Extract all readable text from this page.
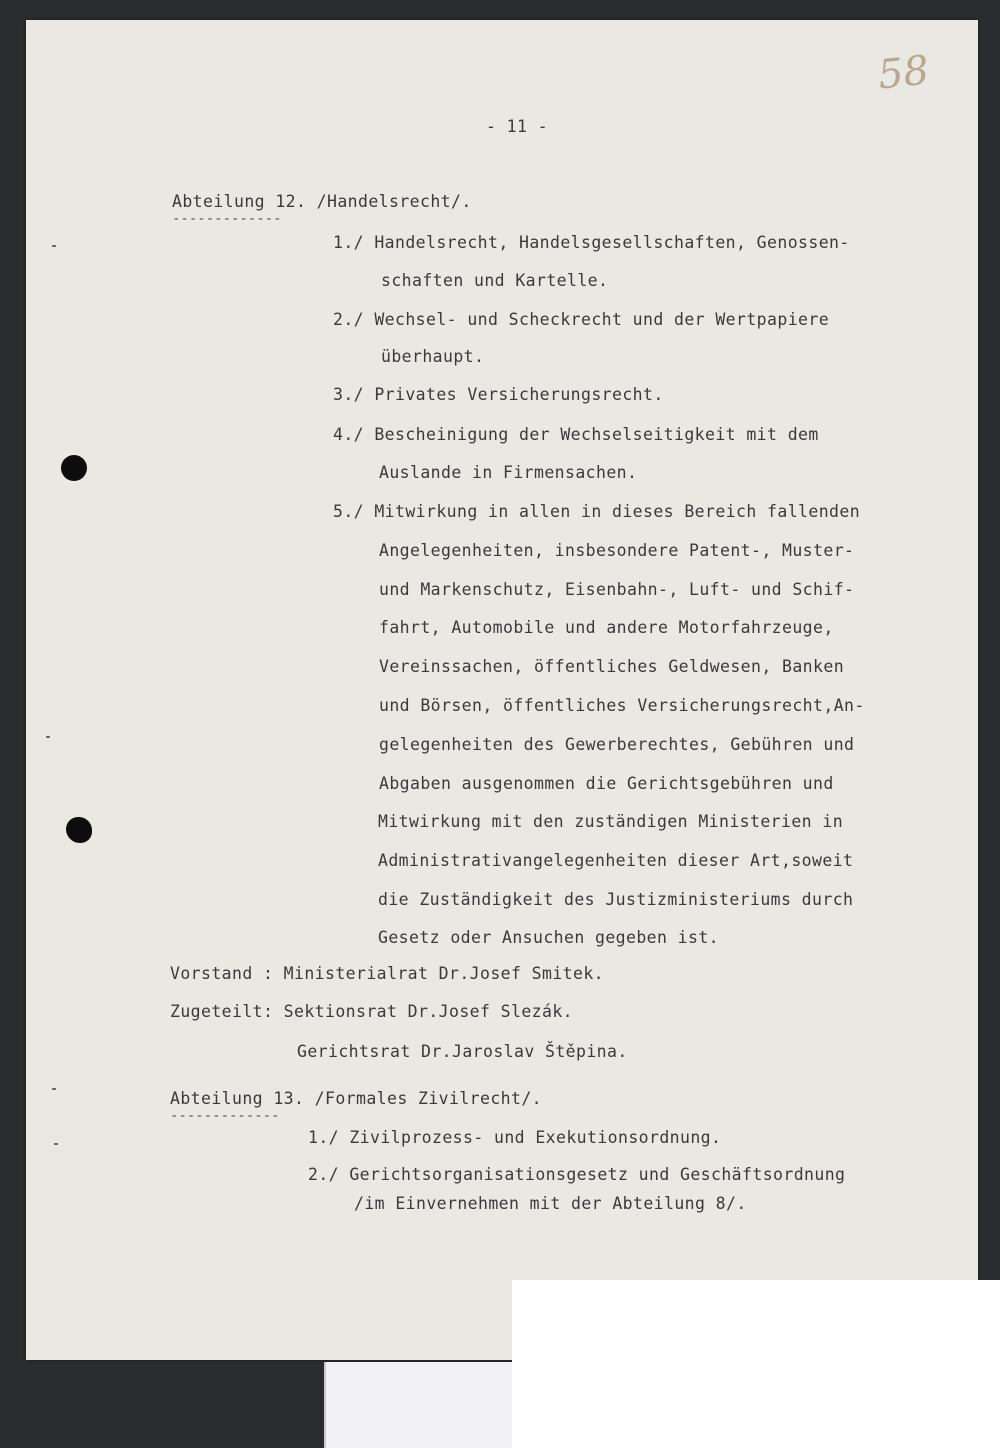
58
- 11 -
Abteilung 12. /Handelsrecht/.
-------------
1./ Handelsrecht, Handelsgesellschaften, Genossen-
schaften und Kartelle.
2./ Wechsel- und Scheckrecht und der Wertpapiere
überhaupt.
3./ Privates Versicherungsrecht.
4./ Bescheinigung der Wechselseitigkeit mit dem
Auslande in Firmensachen.
5./ Mitwirkung in allen in dieses Bereich fallenden
Angelegenheiten, insbesondere Patent-, Muster-
und Markenschutz, Eisenbahn-, Luft- und Schif-
fahrt, Automobile und andere Motorfahrzeuge,
Vereinssachen, öffentliches Geldwesen, Banken
und Börsen, öffentliches Versicherungsrecht,An-
gelegenheiten des Gewerberechtes, Gebühren und
Abgaben ausgenommen die Gerichtsgebühren und
Mitwirkung mit den zuständigen Ministerien in
Administrativangelegenheiten dieser Art,soweit
die Zuständigkeit des Justizministeriums durch
Gesetz oder Ansuchen gegeben ist.
Vorstand : Ministerialrat Dr.Josef Smitek.
Zugeteilt: Sektionsrat Dr.Josef Slezák.
Gerichtsrat Dr.Jaroslav Štěpina.
Abteilung 13. /Formales Zivilrecht/.
-------------
1./ Zivilprozess- und Exekutionsordnung.
2./ Gerichtsorganisationsgesetz und Geschäftsordnung
/im Einvernehmen mit der Abteilung 8/.
